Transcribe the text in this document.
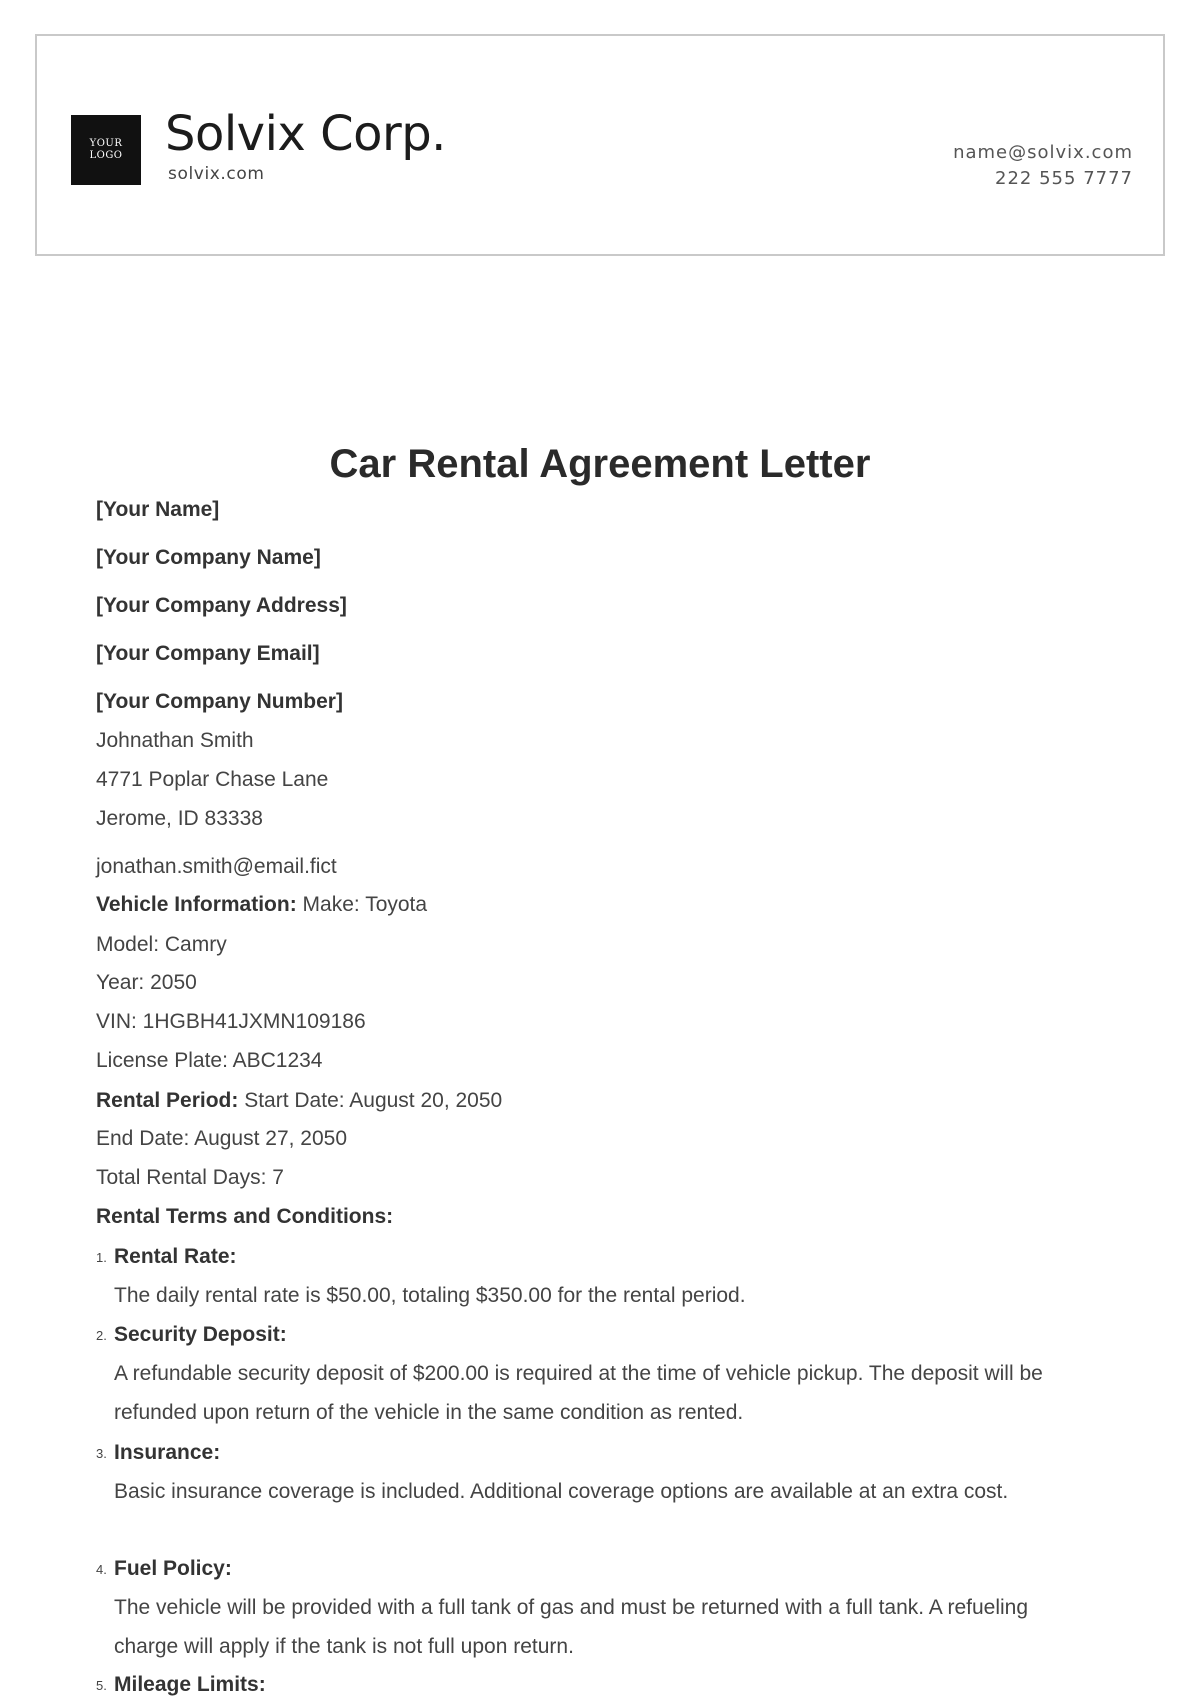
YOUR
LOGO Solvix Corp.
solvix.com
name@solvix.com
222 555 7777
Car Rental Agreement Letter
[Your Name]
[Your Company Name]
[Your Company Address]
[Your Company Email]
[Your Company Number]
Johnathan Smith
4771 Poplar Chase Lane
Jerome, ID 83338
jonathan.smith@email.fict
Vehicle Information: Make: Toyota
Model: Camry
Year: 2050
VIN: 1HGBH41JXMN109186
License Plate: ABC1234
Rental Period: Start Date: August 20, 2050
End Date: August 27, 2050
Total Rental Days: 7
Rental Terms and Conditions:
1. Rental Rate:
The daily rental rate is $50.00, totaling $350.00 for the rental period.
2. Security Deposit:
A refundable security deposit of $200.00 is required at the time of vehicle pickup. The deposit will be refunded upon return of the vehicle in the same condition as rented.
3. Insurance:
Basic insurance coverage is included. Additional coverage options are available at an extra cost.
4. Fuel Policy:
The vehicle will be provided with a full tank of gas and must be returned with a full tank. A refueling charge will apply if the tank is not full upon return.
5. Mileage Limits:
